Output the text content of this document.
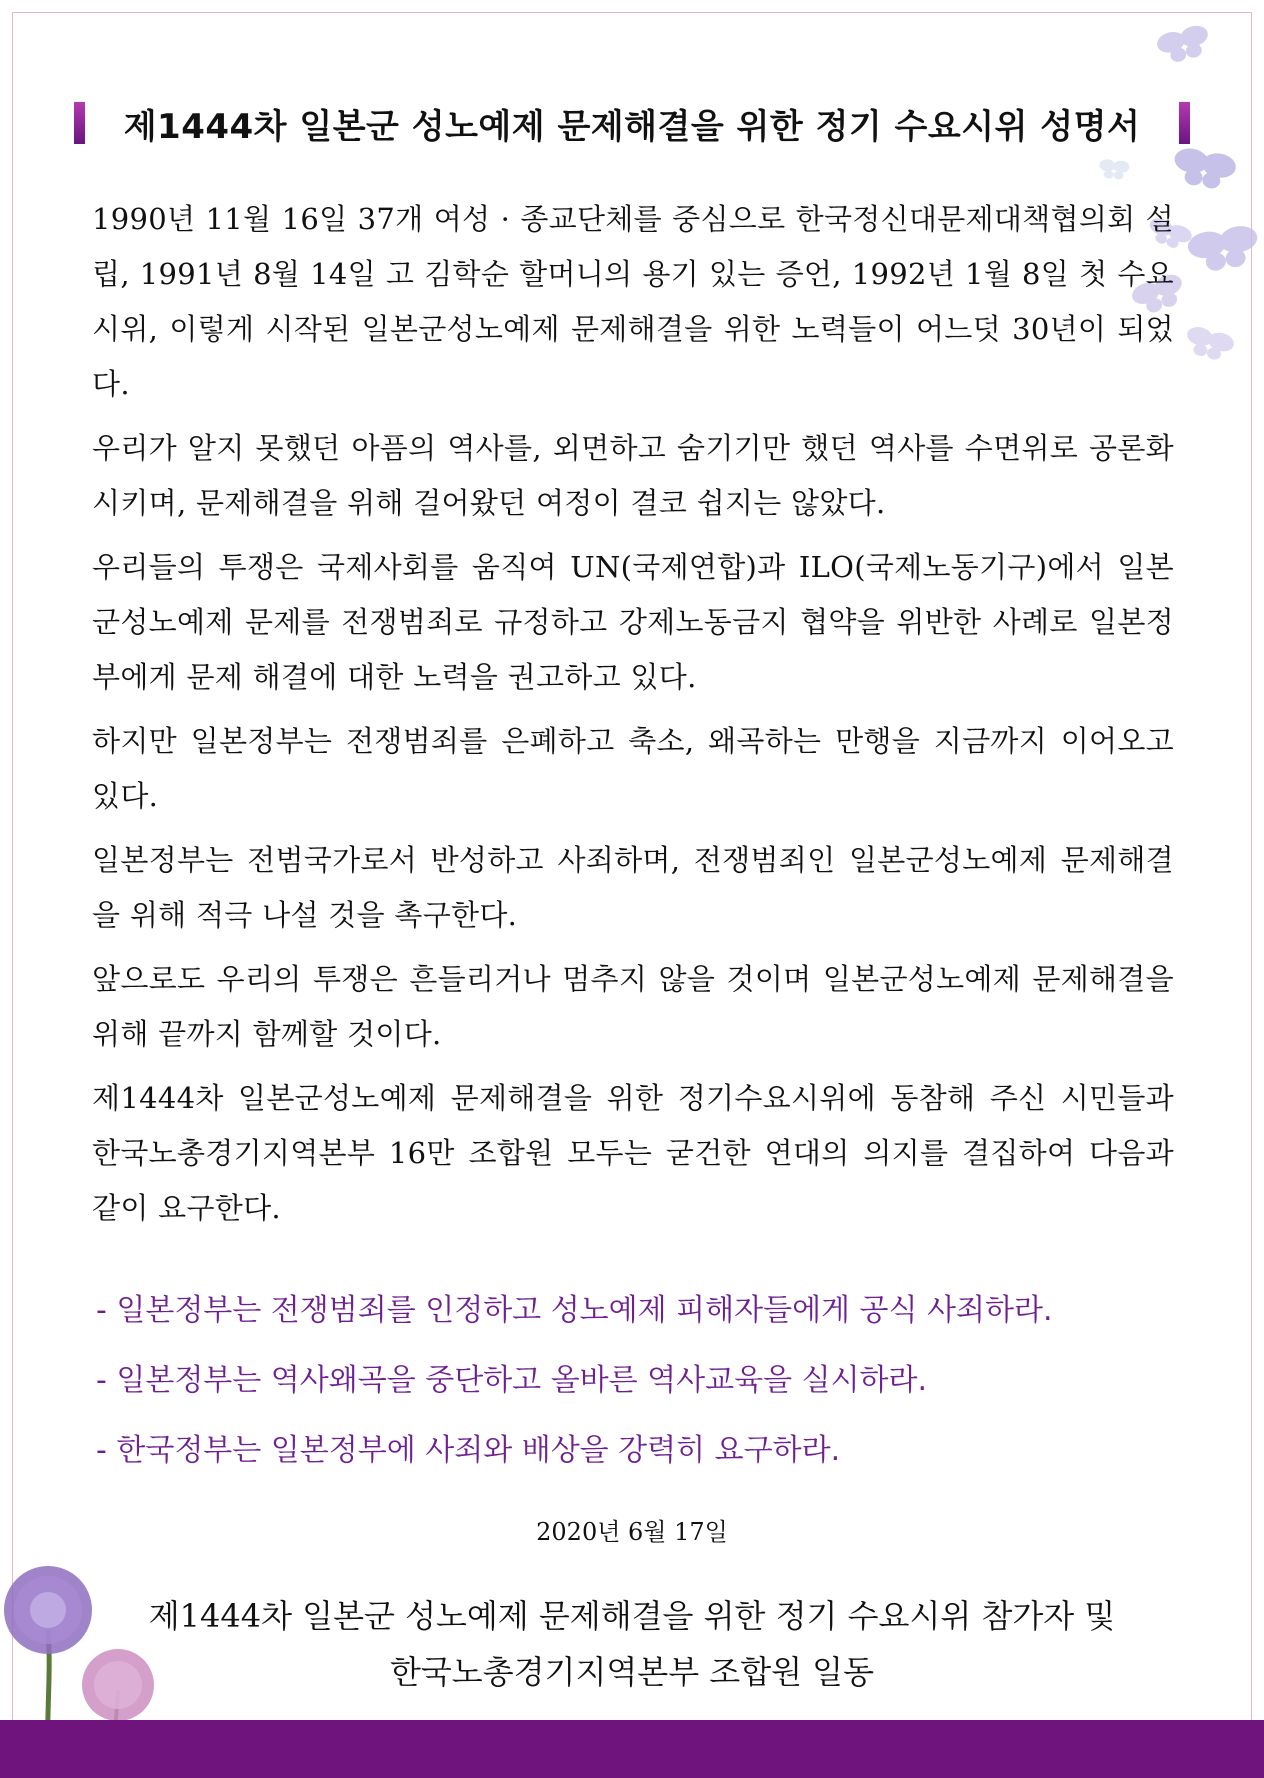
제1444차 일본군 성노예제 문제해결을 위한 정기 수요시위 성명서

1990년 11월 16일 37개 여성 · 종교단체를 중심으로 한국정신대문제대책협의회 설립, 1991년 8월 14일 고 김학순 할머니의 용기 있는 증언, 1992년 1월 8일 첫 수요시위, 이렇게 시작된 일본군성노예제 문제해결을 위한 노력들이 어느덧 30년이 되었다.

우리가 알지 못했던 아픔의 역사를, 외면하고 숨기기만 했던 역사를 수면위로 공론화시키며, 문제해결을 위해 걸어왔던 여정이 결코 쉽지는 않았다.

우리들의 투쟁은 국제사회를 움직여 UN(국제연합)과 ILO(국제노동기구)에서 일본군성노예제 문제를 전쟁범죄로 규정하고 강제노동금지 협약을 위반한 사례로 일본정부에게 문제 해결에 대한 노력을 권고하고 있다.

하지만 일본정부는 전쟁범죄를 은폐하고 축소, 왜곡하는 만행을 지금까지 이어오고 있다.

일본정부는 전범국가로서 반성하고 사죄하며, 전쟁범죄인 일본군성노예제 문제해결을 위해 적극 나설 것을 촉구한다.

앞으로도 우리의 투쟁은 흔들리거나 멈추지 않을 것이며 일본군성노예제 문제해결을 위해 끝까지 함께할 것이다.

제1444차 일본군성노예제 문제해결을 위한 정기수요시위에 동참해 주신 시민들과 한국노총경기지역본부 16만 조합원 모두는 굳건한 연대의 의지를 결집하여 다음과 같이 요구한다.

- 일본정부는 전쟁범죄를 인정하고 성노예제 피해자들에게 공식 사죄하라.
- 일본정부는 역사왜곡을 중단하고 올바른 역사교육을 실시하라.
- 한국정부는 일본정부에 사죄와 배상을 강력히 요구하라.
2020년 6월 17일
제1444차 일본군 성노예제 문제해결을 위한 정기 수요시위 참가자 및
한국노총경기지역본부 조합원 일동
